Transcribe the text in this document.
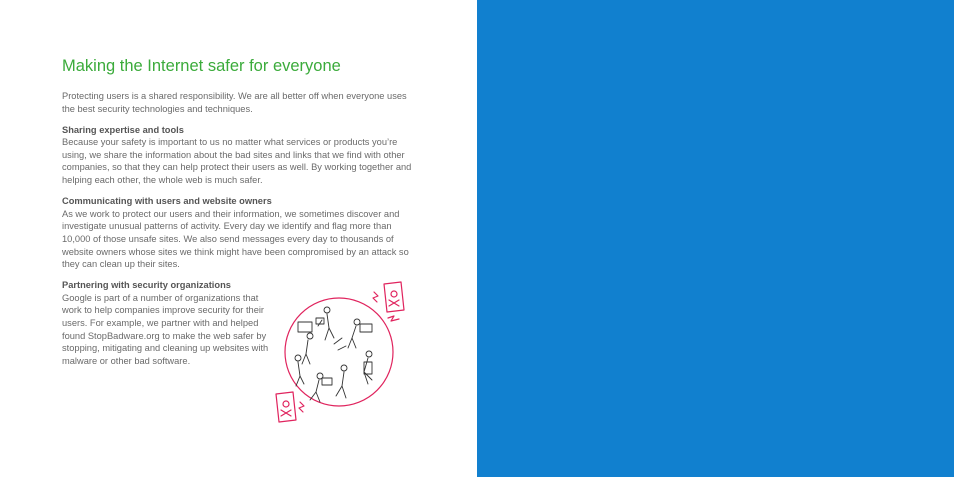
Making the Internet safer for everyone

Protecting users is a shared responsibility. We are all better off when everyone uses the best security technologies and techniques.

Sharing expertise and tools
Because your safety is important to us no matter what services or products you’re using, we share the information about the bad sites and links that we find with other companies, so that they can help protect their users as well. By working together and helping each other, the whole web is much safer.

Communicating with users and website owners
As we work to protect our users and their information, we sometimes discover and investigate unusual patterns of activity. Every day we identify and flag more than 10,000 of those unsafe sites. We also send messages every day to thousands of website owners whose sites we think might have been compromised by an attack so they can clean up their sites.

Partnering with security organizations
Google is part of a number of organizations that work to help companies improve security for their users. For example, we partner with and helped found StopBadware.org to make the web safer by stopping, mitigating and cleaning up websites with malware or other bad software.
